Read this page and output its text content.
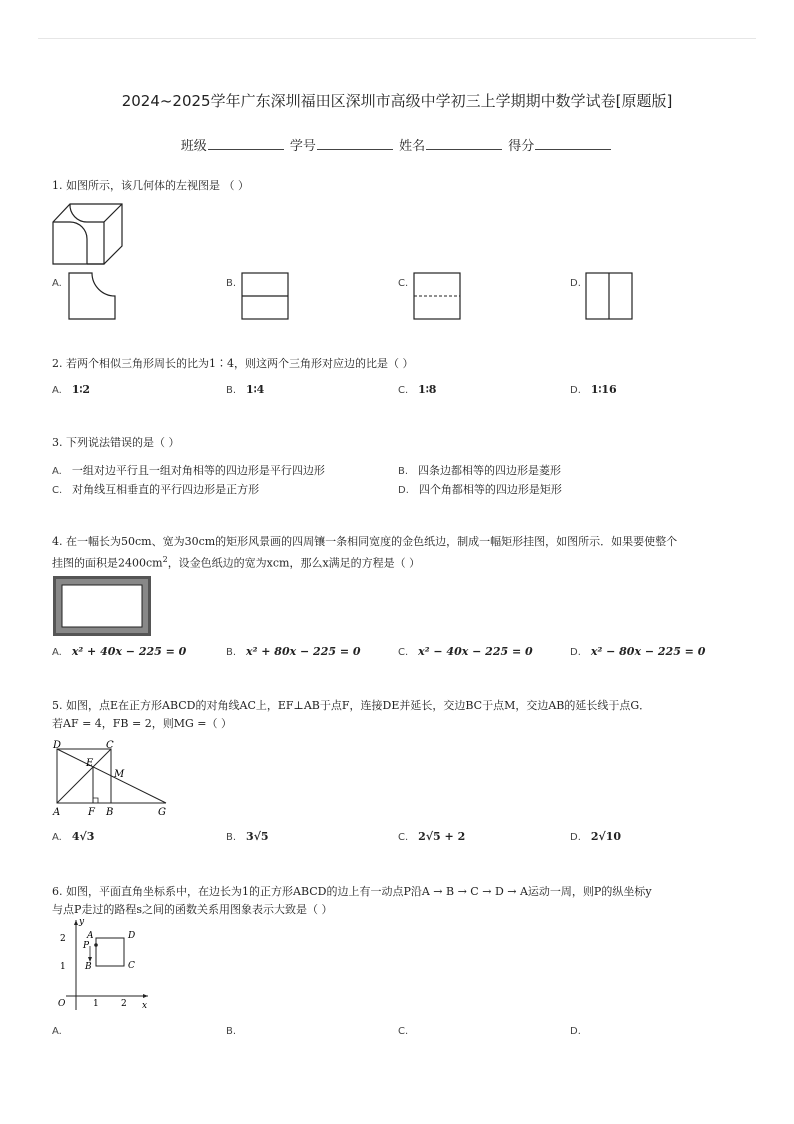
2024~2025学年广东深圳福田区深圳市高级中学初三上学期期中数学试卷[原题版]
班级	学号	姓名	得分
1. 如图所示，该几何体的左视图是 （ ）
A.	B.	C.	D.
2. 若两个相似三角形周长的比为1∶4，则这两个三角形对应边的比是（ ）
A. 1∶2	B. 1∶4	C. 1∶8	D. 1∶16
3. 下列说法错误的是（ ）
A. 一组对边平行且一组对角相等的四边形是平行四边形	B. 四条边都相等的四边形是菱形
C. 对角线互相垂直的平行四边形是正方形	D. 四个角都相等的四边形是矩形
4. 在一幅长为50cm、宽为30cm的矩形风景画的四周镶一条相同宽度的金色纸边，制成一幅矩形挂图，如图所示．如果要使整个
挂图的面积是$2400cm^2$，设金色纸边的宽为xcm，那么x满足的方程是（ ）
A. x² + 40x − 225 = 0	B. x² + 80x − 225 = 0	C. x² − 40x − 225 = 0	D. x² − 80x − 225 = 0
5. 如图，点E在正方形ABCD的对角线AC上，EF⊥AB于点F，连接DE并延长，交边BC于点M，交边AB的延长线于点G．
若AF = 4，FB = 2，则MG =（ ）
D	C
E
M
A	F B	G
A. 4√3	B. 3√5	C. 2√5 + 2	D. 2√10
6. 如图，平面直角坐标系中，在边长为1的正方形ABCD的边上有一动点P沿A → B → C → D → A运动一周，则P的纵坐标y
与点P走过的路程s之间的函数关系用图象表示大致是（ ）
y
x
O	1 2
1
2 A
P
B	C
D
A.	B.	C.	D.
